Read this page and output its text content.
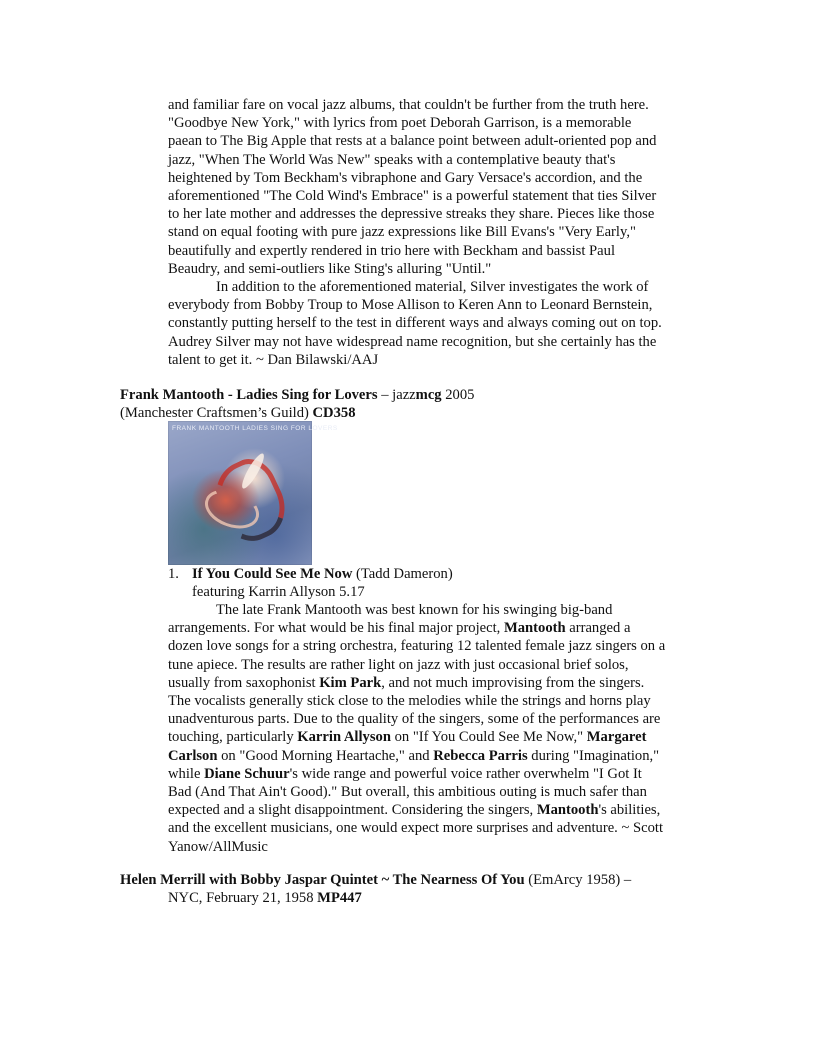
and familiar fare on vocal jazz albums, that couldn't be further from the truth here.
"Goodbye New York," with lyrics from poet Deborah Garrison, is a memorable
paean to The Big Apple that rests at a balance point between adult-oriented pop and
jazz, "When The World Was New" speaks with a contemplative beauty that's
heightened by Tom Beckham's vibraphone and Gary Versace's accordion, and the
aforementioned "The Cold Wind's Embrace" is a powerful statement that ties Silver
to her late mother and addresses the depressive streaks they share. Pieces like those
stand on equal footing with pure jazz expressions like Bill Evans's "Very Early,"
beautifully and expertly rendered in trio here with Beckham and bassist Paul
Beaudry, and semi-outliers like Sting's alluring "Until."
In addition to the aforementioned material, Silver investigates the work of
everybody from Bobby Troup to Mose Allison to Keren Ann to Leonard Bernstein,
constantly putting herself to the test in different ways and always coming out on top.
Audrey Silver may not have widespread name recognition, but she certainly has the
talent to get it. ~ Dan Bilawski/AAJ
Frank Mantooth - Ladies Sing for Lovers – jazzmcg 2005
(Manchester Craftsmen’s Guild) CD358
FRANK MANTOOTH LADIES SING FOR LOVERS
1. If You Could See Me Now (Tadd Dameron)
featuring Karrin Allyson 5.17
The late Frank Mantooth was best known for his swinging big-band
arrangements. For what would be his final major project, Mantooth arranged a
dozen love songs for a string orchestra, featuring 12 talented female jazz singers on a
tune apiece. The results are rather light on jazz with just occasional brief solos,
usually from saxophonist Kim Park, and not much improvising from the singers.
The vocalists generally stick close to the melodies while the strings and horns play
unadventurous parts. Due to the quality of the singers, some of the performances are
touching, particularly Karrin Allyson on "If You Could See Me Now," Margaret
Carlson on "Good Morning Heartache," and Rebecca Parris during "Imagination,"
while Diane Schuur's wide range and powerful voice rather overwhelm "I Got It
Bad (And That Ain't Good)." But overall, this ambitious outing is much safer than
expected and a slight disappointment. Considering the singers, Mantooth's abilities,
and the excellent musicians, one would expect more surprises and adventure. ~ Scott
Yanow/AllMusic
Helen Merrill with Bobby Jaspar Quintet ~ The Nearness Of You (EmArcy 1958) –
NYC, February 21, 1958 MP447
